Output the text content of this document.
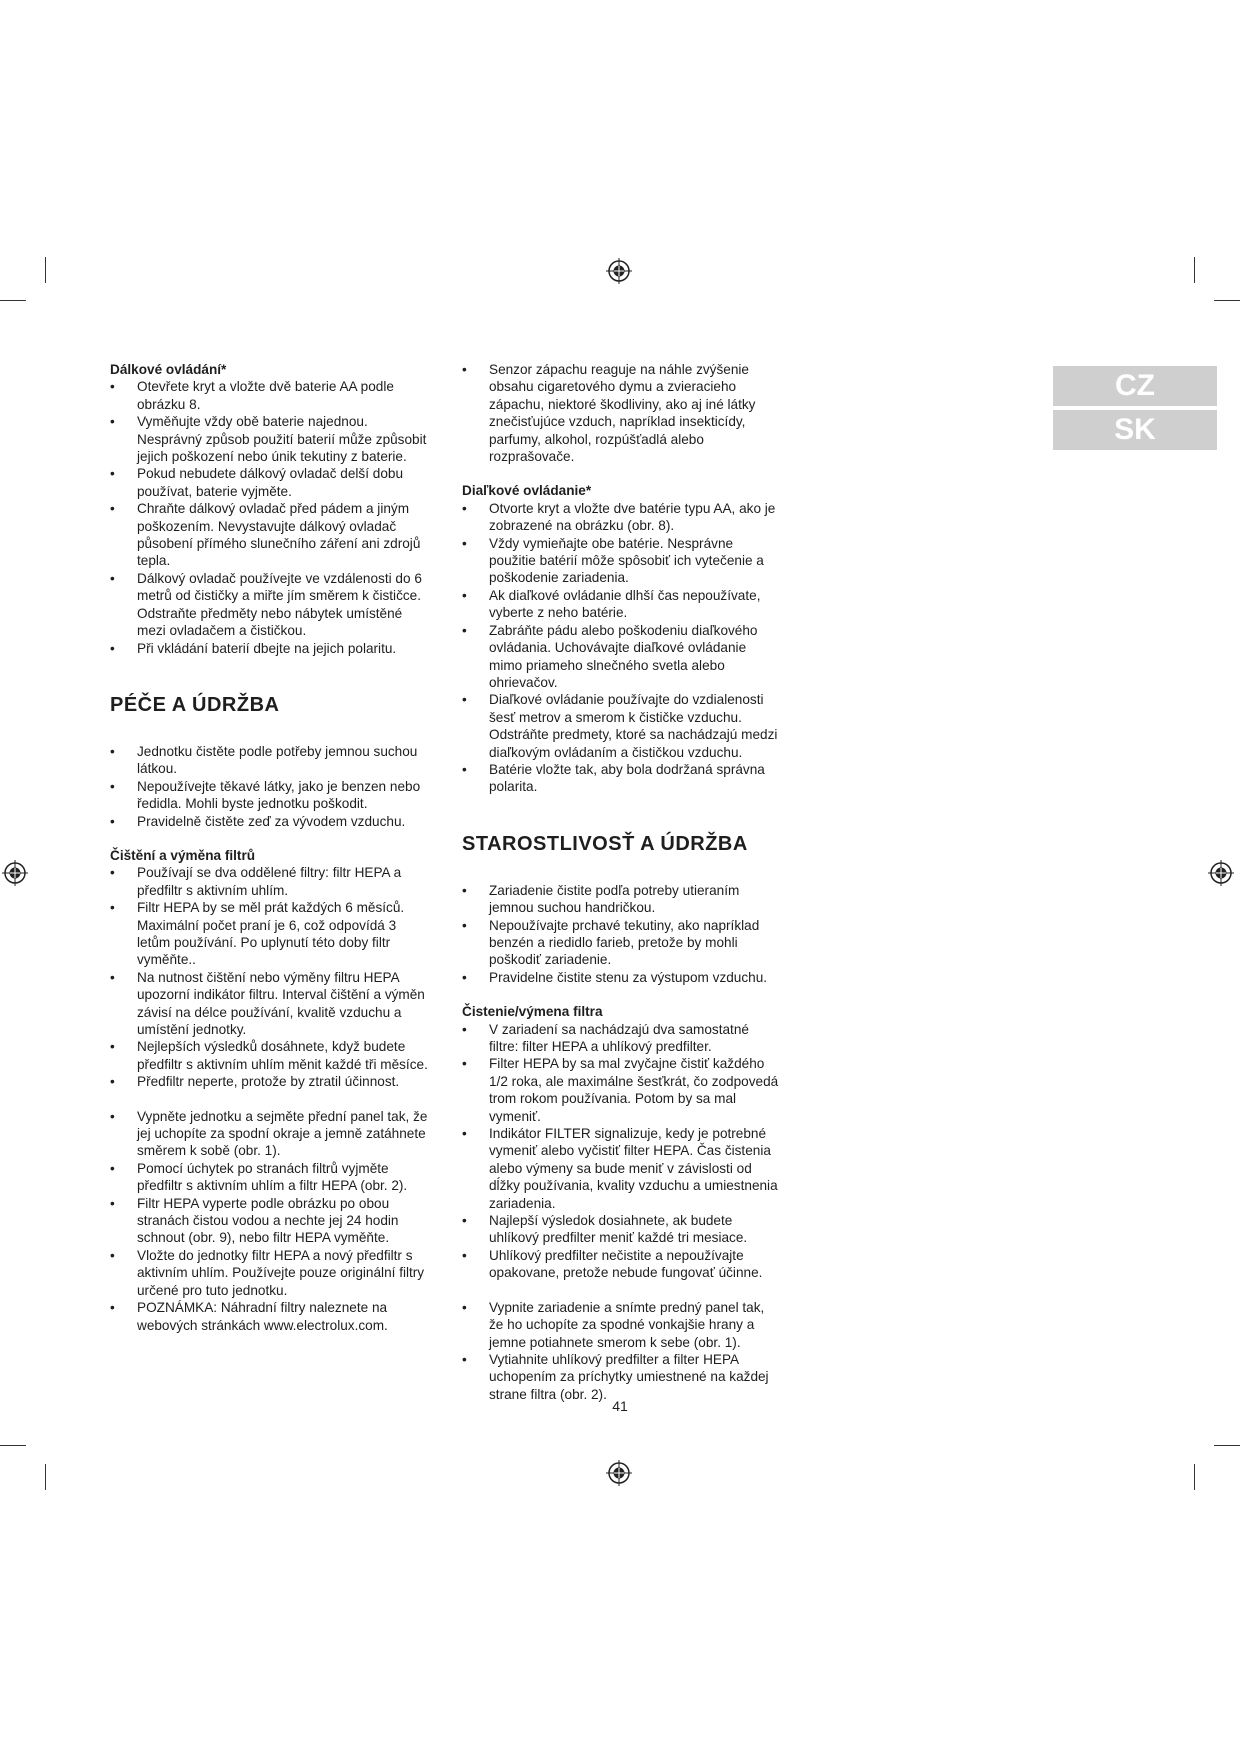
CZ
SK

Dálkové ovládání*

• Otevřete kryt a vložte dvě baterie AA podle obrázku 8.
• Vyměňujte vždy obě baterie najednou. Nesprávný způsob použití baterií může způsobit jejich poškození nebo únik tekutiny z baterie.
• Pokud nebudete dálkový ovladač delší dobu používat, baterie vyjměte.
• Chraňte dálkový ovladač před pádem a jiným poškozením. Nevystavujte dálkový ovladač působení přímého slunečního záření ani zdrojů tepla.
• Dálkový ovladač používejte ve vzdálenosti do 6 metrů od čističky a miřte jím směrem k čističce. Odstraňte předměty nebo nábytek umístěné mezi ovladačem a čističkou.
• Při vkládání baterií dbejte na jejich polaritu.

PÉČE A ÚDRŽBA

• Jednotku čistěte podle potřeby jemnou suchou látkou.
• Nepoužívejte těkavé látky, jako je benzen nebo ředidla. Mohli byste jednotku poškodit.
• Pravidelně čistěte zeď za vývodem vzduchu.

Čištění a výměna filtrů

• Používají se dva oddělené filtry: filtr HEPA a předfiltr s aktivním uhlím.
• Filtr HEPA by se měl prát každých 6 měsíců. Maximální počet praní je 6, což odpovídá 3 letům používání. Po uplynutí této doby filtr vyměňte..
• Na nutnost čištění nebo výměny filtru HEPA upozorní indikátor filtru. Interval čištění a výměn závisí na délce používání, kvalitě vzduchu a umístění jednotky.
• Nejlepších výsledků dosáhnete, když budete předfiltr s aktivním uhlím měnit každé tři měsíce.
• Předfiltr neperte, protože by ztratil účinnost.
• Vypněte jednotku a sejměte přední panel tak, že jej uchopíte za spodní okraje a jemně zatáhnete směrem k sobě (obr. 1).
• Pomocí úchytek po stranách filtrů vyjměte předfiltr s aktivním uhlím a filtr HEPA (obr. 2).
• Filtr HEPA vyperte podle obrázku po obou stranách čistou vodou a nechte jej 24 hodin schnout (obr. 9), nebo filtr HEPA vyměňte.
• Vložte do jednotky filtr HEPA a nový předfiltr s aktivním uhlím. Používejte pouze originální filtry určené pro tuto jednotku.
• POZNÁMKA: Náhradní filtry naleznete na webových stránkách www.electrolux.com.
• Senzor zápachu reaguje na náhle zvýšenie obsahu cigaretového dymu a zvieracieho zápachu, niektoré škodliviny, ako aj iné látky znečisťujúce vzduch, napríklad insekticídy, parfumy, alkohol, rozpúšťadlá alebo rozprašovače.

Diaľkové ovládanie*

• Otvorte kryt a vložte dve batérie typu AA, ako je zobrazené na obrázku (obr. 8).
• Vždy vymieňajte obe batérie. Nesprávne použitie batérií môže spôsobiť ich vytečenie a poškodenie zariadenia.
• Ak diaľkové ovládanie dlhší čas nepoužívate, vyberte z neho batérie.
• Zabráňte pádu alebo poškodeniu diaľkového ovládania. Uchovávajte diaľkové ovládanie mimo priameho slnečného svetla alebo ohrievačov.
• Diaľkové ovládanie používajte do vzdialenosti šesť metrov a smerom k čističke vzduchu. Odstráňte predmety, ktoré sa nachádzajú medzi diaľkovým ovládaním a čističkou vzduchu.
• Batérie vložte tak, aby bola dodržaná správna polarita.

STAROSTLIVOSŤ A ÚDRŽBA

• Zariadenie čistite podľa potreby utieraním jemnou suchou handričkou.
• Nepoužívajte prchavé tekutiny, ako napríklad benzén a riedidlo farieb, pretože by mohli poškodiť zariadenie.
• Pravidelne čistite stenu za výstupom vzduchu.

Čistenie/výmena filtra

• V zariadení sa nachádzajú dva samostatné filtre: filter HEPA a uhlíkový predfilter.
• Filter HEPA by sa mal zvyčajne čistiť každého 1/2 roka, ale maximálne šesťkrát, čo zodpovedá trom rokom používania. Potom by sa mal vymeniť.
• Indikátor FILTER signalizuje, kedy je potrebné vymeniť alebo vyčistiť filter HEPA. Čas čistenia alebo výmeny sa bude meniť v závislosti od dĺžky používania, kvality vzduchu a umiestnenia zariadenia.
• Najlepší výsledok dosiahnete, ak budete uhlíkový predfilter meniť každé tri mesiace.
• Uhlíkový predfilter nečistite a nepoužívajte opakovane, pretože nebude fungovať účinne.
• Vypnite zariadenie a snímte predný panel tak, že ho uchopíte za spodné vonkajšie hrany a jemne potiahnete smerom k sebe (obr. 1).
• Vytiahnite uhlíkový predfilter a filter HEPA uchopením za príchytky umiestnené na každej strane filtra (obr. 2).
41
